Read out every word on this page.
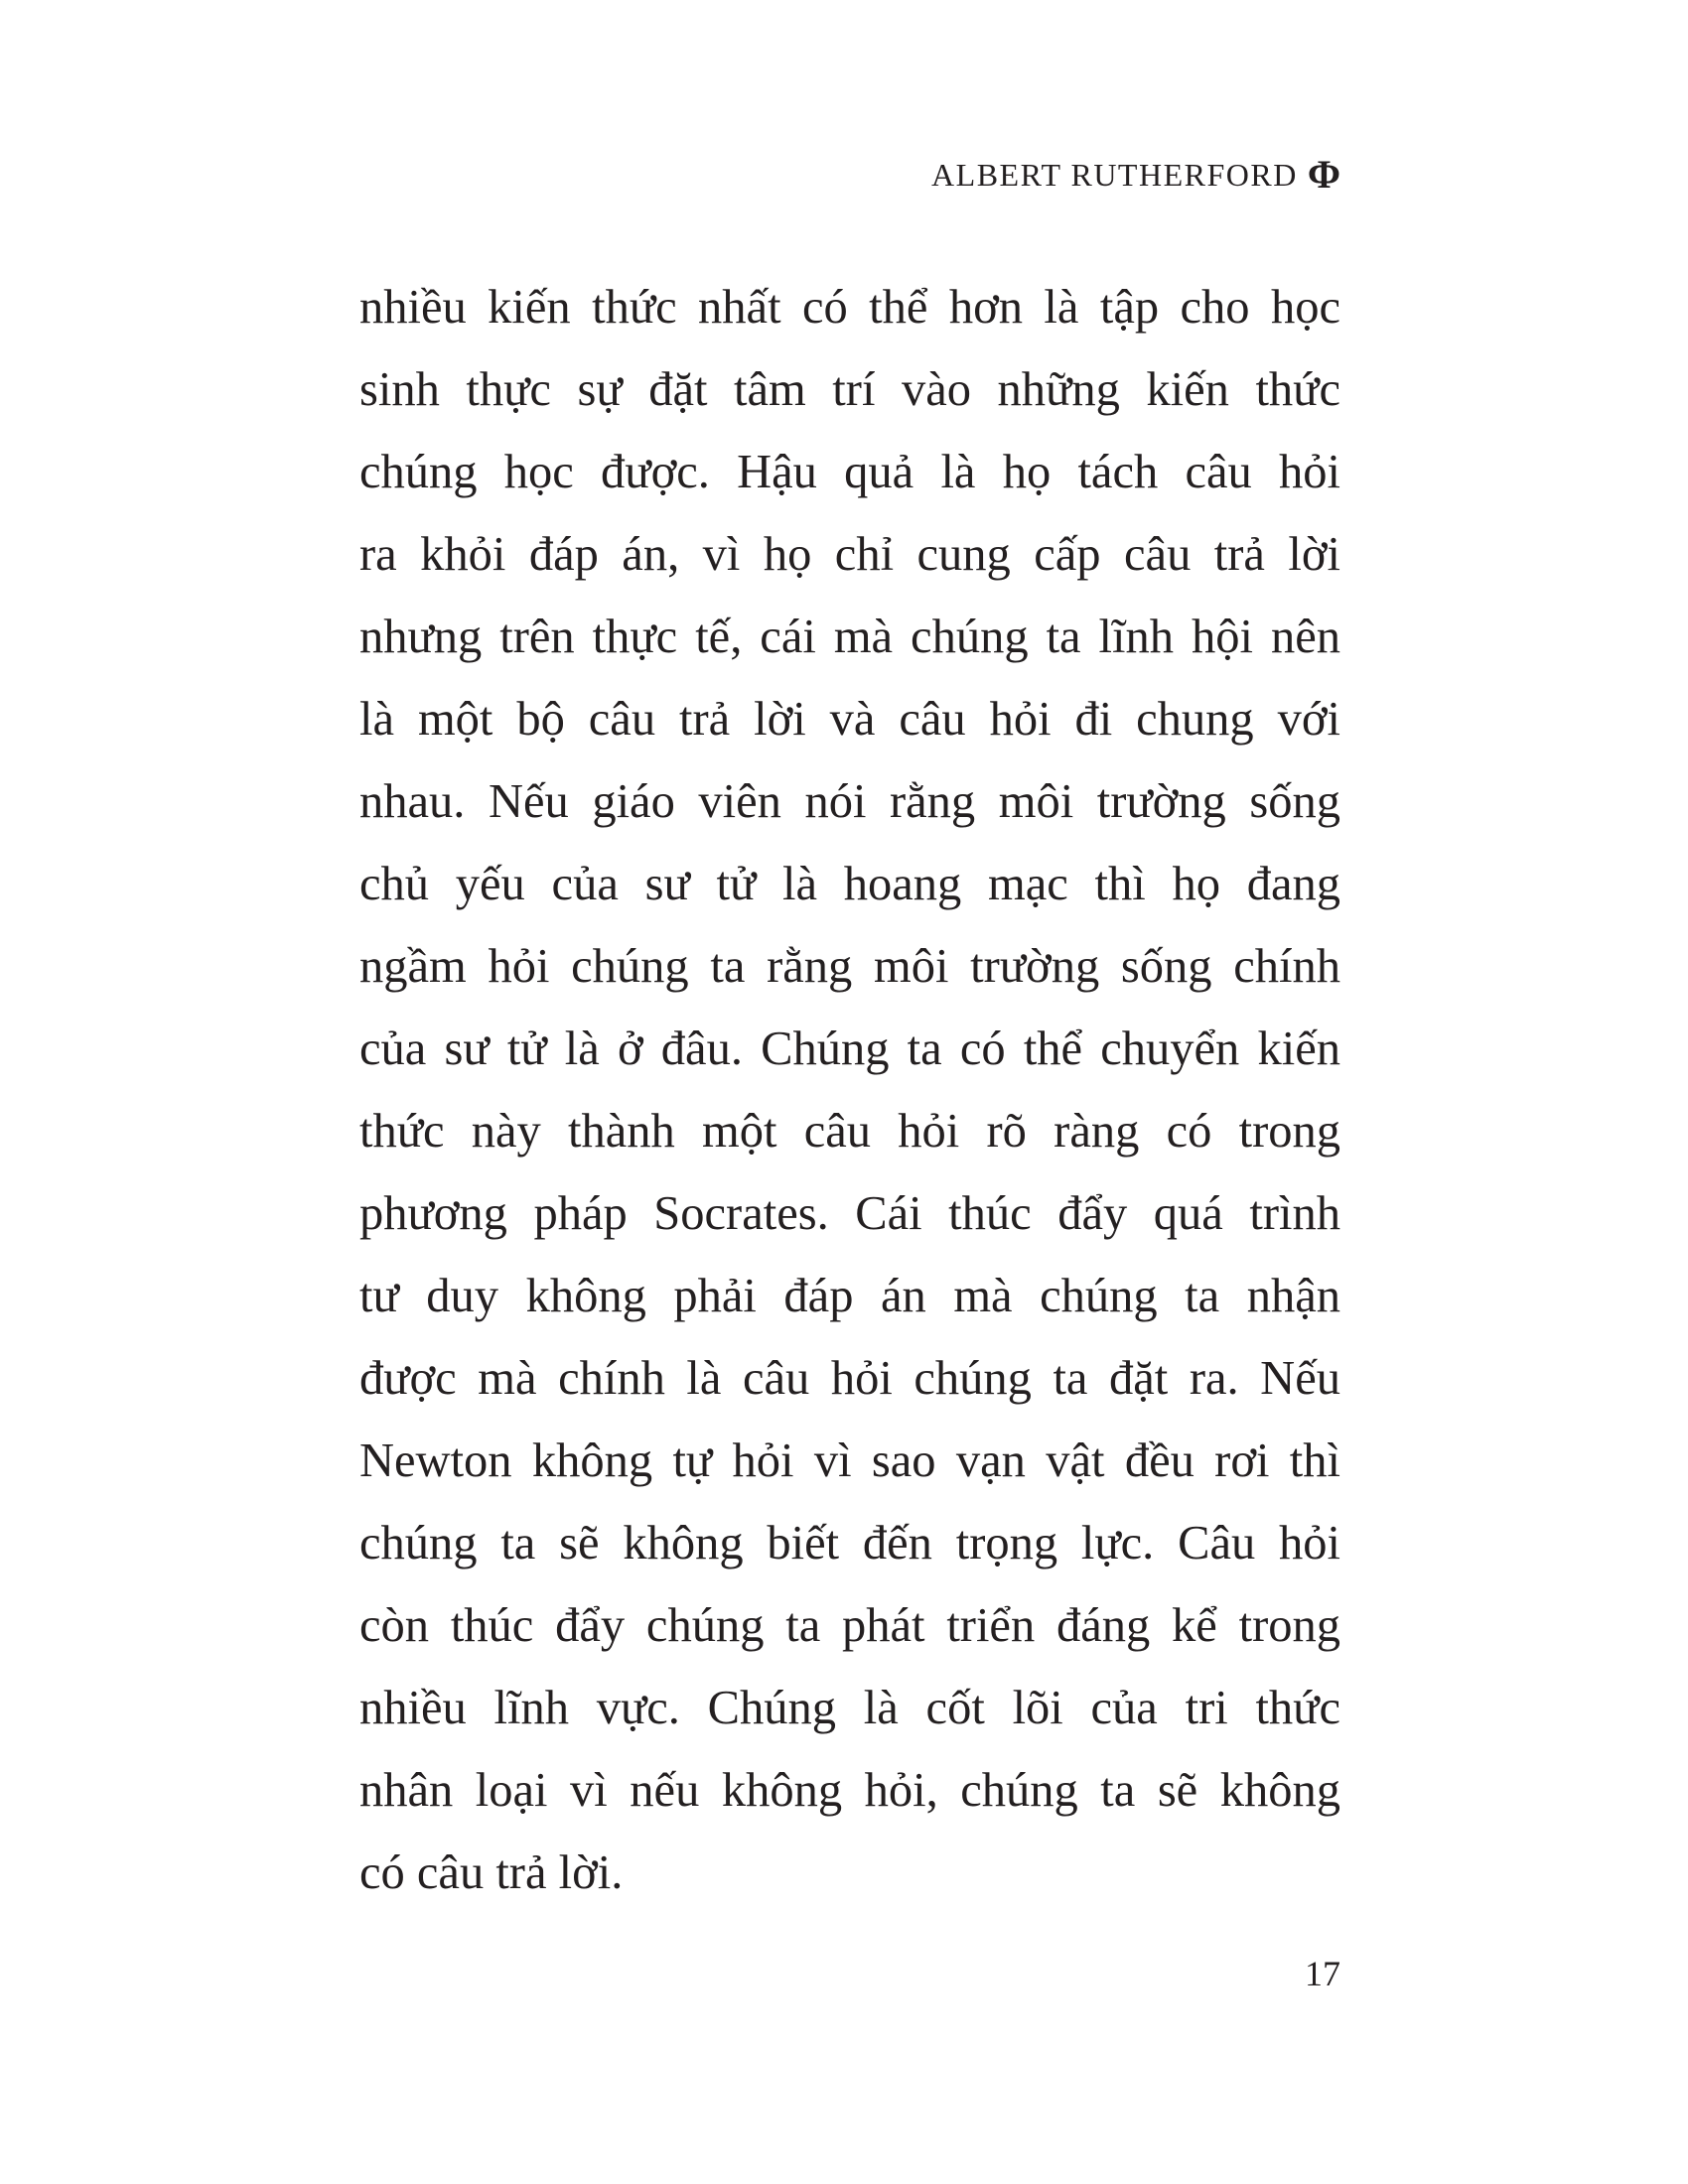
ALBERT RUTHERFORD Φ
nhiều kiến thức nhất có thể hơn là tập cho học
sinh thực sự đặt tâm trí vào những kiến thức
chúng học được. Hậu quả là họ tách câu hỏi
ra khỏi đáp án, vì họ chỉ cung cấp câu trả lời
nhưng trên thực tế, cái mà chúng ta lĩnh hội nên
là một bộ câu trả lời và câu hỏi đi chung với
nhau. Nếu giáo viên nói rằng môi trường sống
chủ yếu của sư tử là hoang mạc thì họ đang
ngầm hỏi chúng ta rằng môi trường sống chính
của sư tử là ở đâu. Chúng ta có thể chuyển kiến
thức này thành một câu hỏi rõ ràng có trong
phương pháp Socrates. Cái thúc đẩy quá trình
tư duy không phải đáp án mà chúng ta nhận
được mà chính là câu hỏi chúng ta đặt ra. Nếu
Newton không tự hỏi vì sao vạn vật đều rơi thì
chúng ta sẽ không biết đến trọng lực. Câu hỏi
còn thúc đẩy chúng ta phát triển đáng kể trong
nhiều lĩnh vực. Chúng là cốt lõi của tri thức
nhân loại vì nếu không hỏi, chúng ta sẽ không
có câu trả lời.
17
